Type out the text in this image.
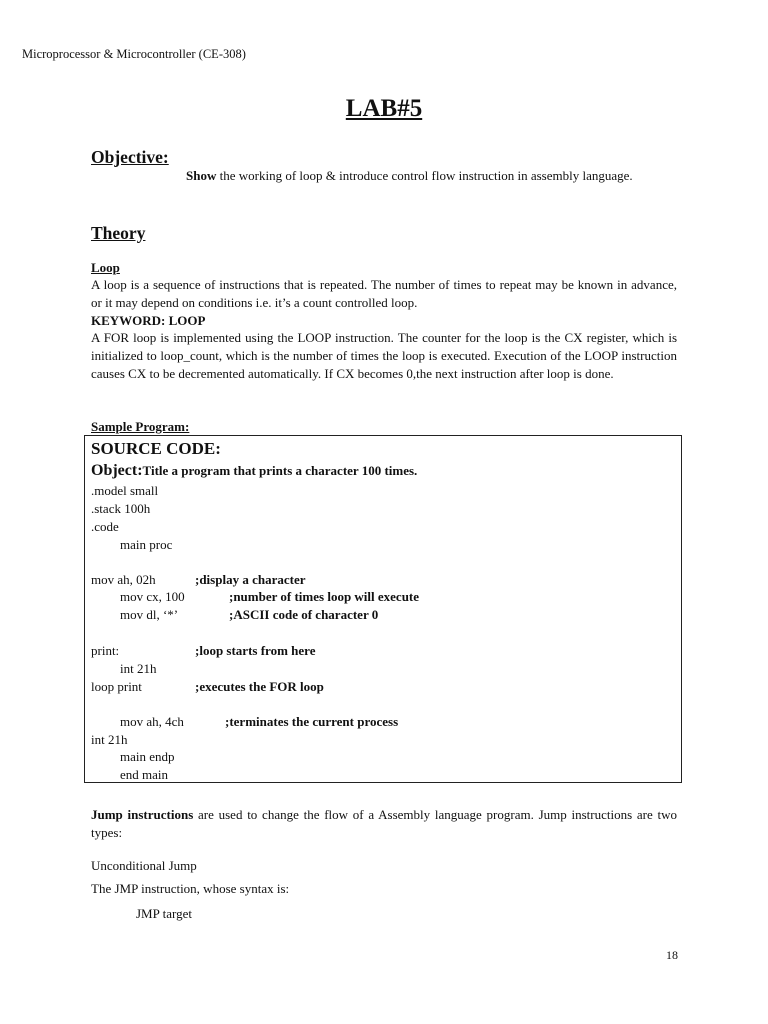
Microprocessor & Microcontroller (CE-308)
LAB#5
Objective:
Show the working of loop & introduce control flow instruction in assembly language.
Theory
Loop
A loop is a sequence of instructions that is repeated. The number of times to repeat may be known in advance, or it may depend on conditions i.e. it’s a count controlled loop.
KEYWORD: LOOP
A FOR loop is implemented using the LOOP instruction. The counter for the loop is the CX register, which is initialized to loop_count, which is the number of times the loop is executed. Execution of the LOOP instruction causes CX to be decremented automatically. If CX becomes 0,the next instruction after loop is done.
Sample Program:
SOURCE CODE:
Object:Title a program that prints a character 100 times.
.model small
.stack 100h
.code
main proc
mov ah, 02h	;display a character
mov cx, 100	;number of times loop will execute
mov dl, ‘*’	;ASCII code of character 0
print:	;loop starts from here
int 21h
loop print	;executes the FOR loop
mov ah, 4ch	;terminates the current process
int 21h
main endp
end main
Jump instructions are used to change the flow of a Assembly language program. Jump instructions are two types:
Unconditional Jump
The JMP instruction, whose syntax is:
JMP target
18
